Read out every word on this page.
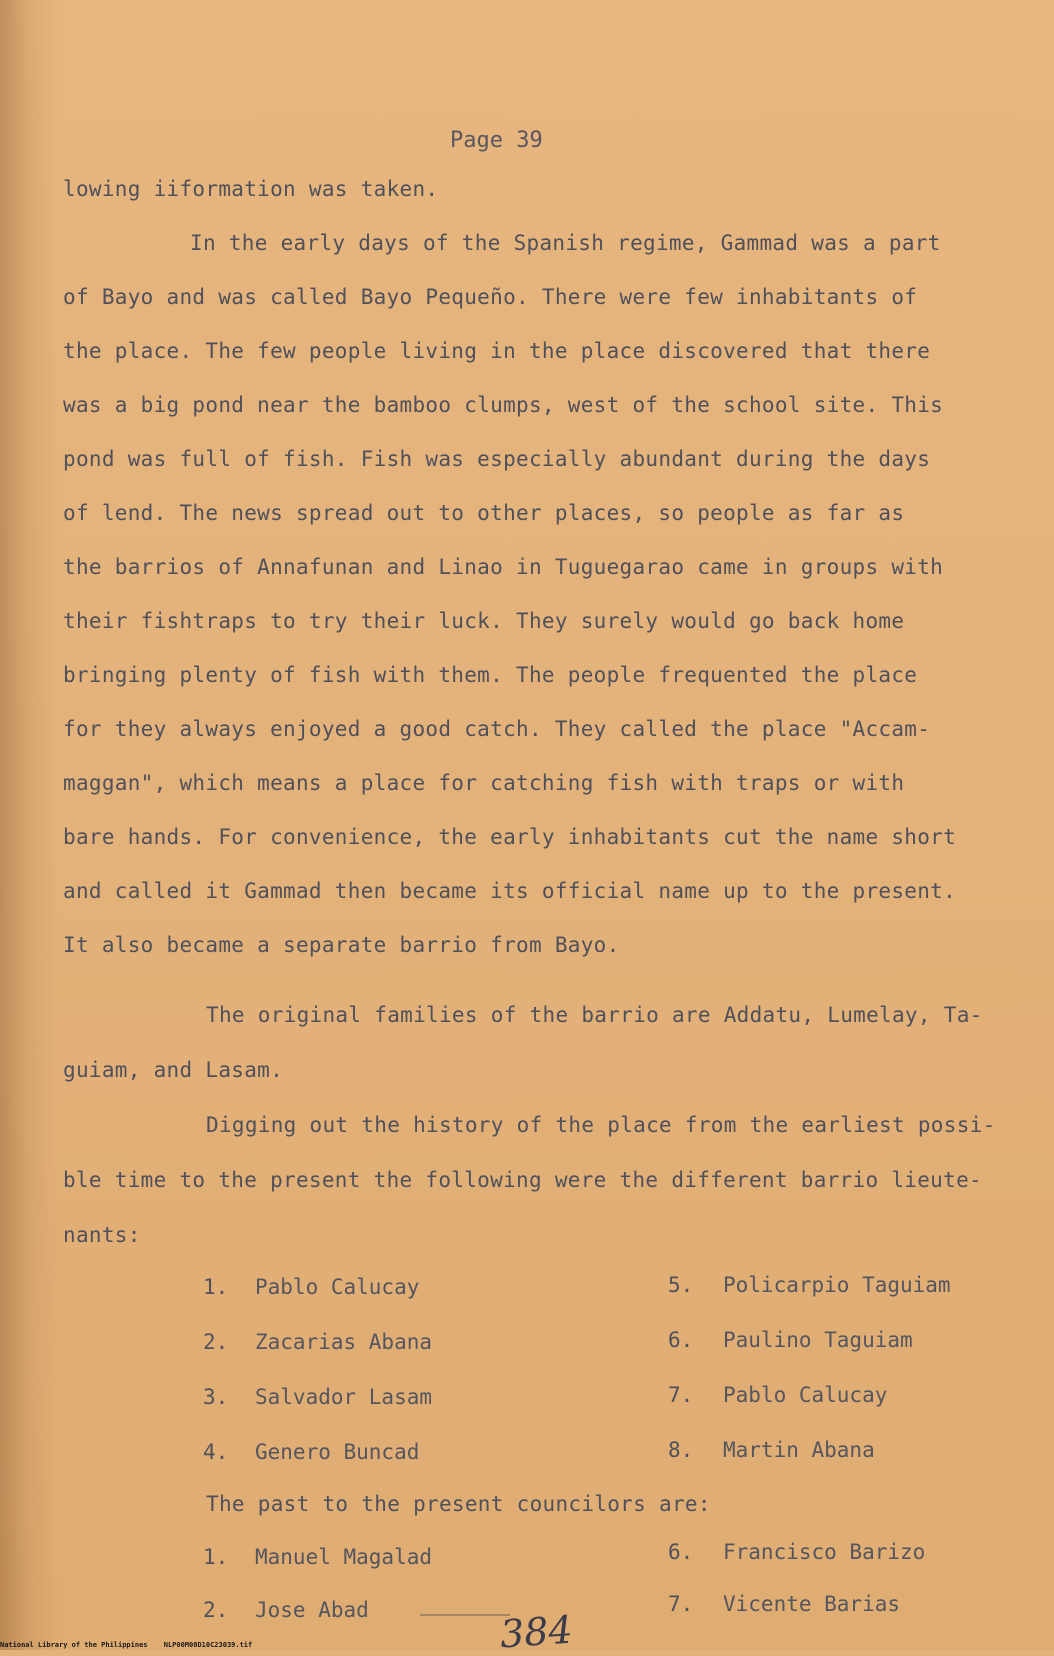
Page 39
lowing iiformation was taken.
In the early days of the Spanish regime, Gammad was a part
of Bayo and was called Bayo Pequeño. There were few inhabitants of
the place. The few people living in the place discovered that there
was a big pond near the bamboo clumps, west of the school site. This
pond was full of fish. Fish was especially abundant during the days
of lend. The news spread out to other places, so people as far as
the barrios of Annafunan and Linao in Tuguegarao came in groups with
their fishtraps to try their luck. They surely would go back home
bringing plenty of fish with them. The people frequented the place
for they always enjoyed a good catch. They called the place "Accam-
maggan", which means a place for catching fish with traps or with
bare hands. For convenience, the early inhabitants cut the name short
and called it Gammad then became its official name up to the present.
It also became a separate barrio from Bayo.
The original families of the barrio are Addatu, Lumelay, Ta-
guiam, and Lasam.
Digging out the history of the place from the earliest possi-
ble time to the present the following were the different barrio lieute-
nants:
1. Pablo Calucay
2. Zacarias Abana
3. Salvador Lasam
4. Genero Buncad
5. Policarpio Taguiam
6. Paulino Taguiam
7. Pablo Calucay
8. Martin Abana
The past to the present councilors are:
1. Manuel Magalad
2. Jose Abad
6. Francisco Barizo
7. Vicente Barias
384
National Library of the Philippines NLP00M00D10C23039.tif
